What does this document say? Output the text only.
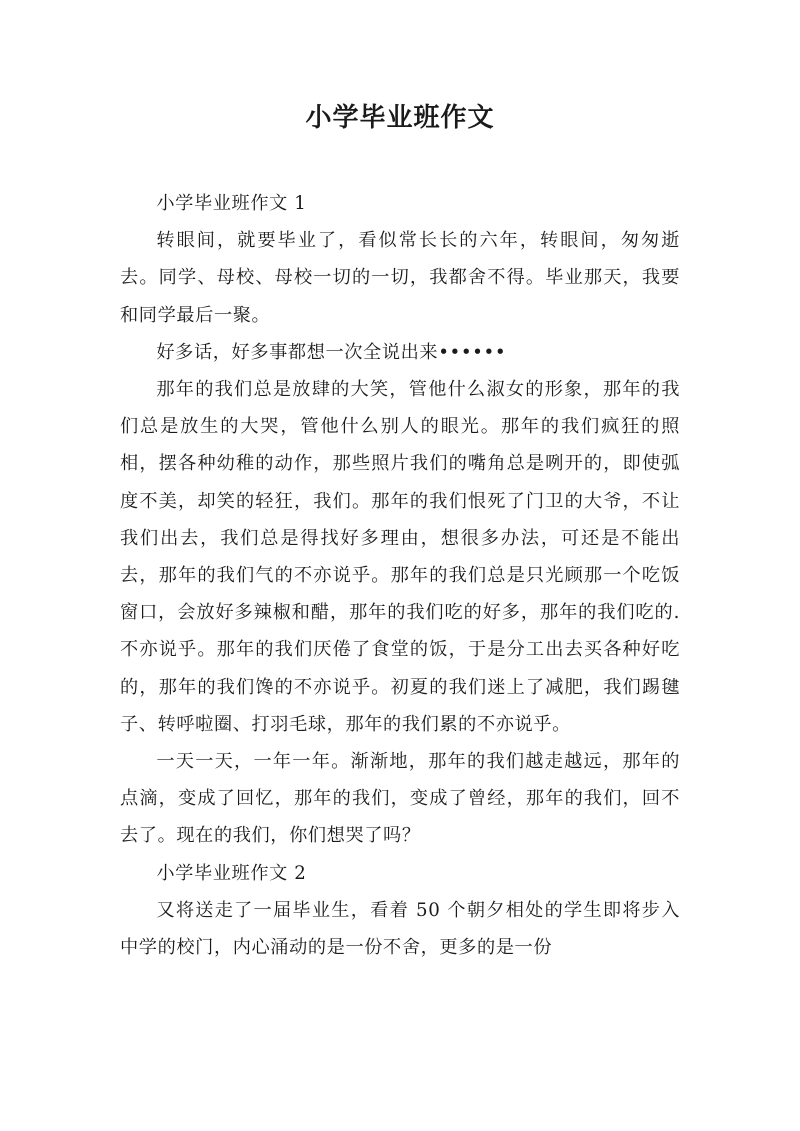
小学毕业班作文

小学毕业班作文 1

转眼间，就要毕业了，看似常长长的六年，转眼间，匆匆逝去。同学、母校、母校一切的一切，我都舍不得。毕业那天，我要和同学最后一聚。

好多话，好多事都想一次全说出来••••••

那年的我们总是放肆的大笑，管他什么淑女的形象，那年的我们总是放生的大哭，管他什么别人的眼光。那年的我们疯狂的照相，摆各种幼稚的动作，那些照片我们的嘴角总是咧开的，即使弧度不美，却笑的轻狂，我们。那年的我们恨死了门卫的大爷，不让我们出去，我们总是得找好多理由，想很多办法，可还是不能出去，那年的我们气的不亦说乎。那年的我们总是只光顾那一个吃饭窗口，会放好多辣椒和醋，那年的我们吃的好多，那年的我们吃的.不亦说乎。那年的我们厌倦了食堂的饭，于是分工出去买各种好吃的，那年的我们馋的不亦说乎。初夏的我们迷上了减肥，我们踢毽子、转呼啦圈、打羽毛球，那年的我们累的不亦说乎。

一天一天，一年一年。渐渐地，那年的我们越走越远，那年的点滴，变成了回忆，那年的我们，变成了曾经，那年的我们，回不去了。现在的我们，你们想哭了吗？

小学毕业班作文 2

又将送走了一届毕业生，看着 50 个朝夕相处的学生即将步入中学的校门，内心涌动的是一份不舍，更多的是一份
